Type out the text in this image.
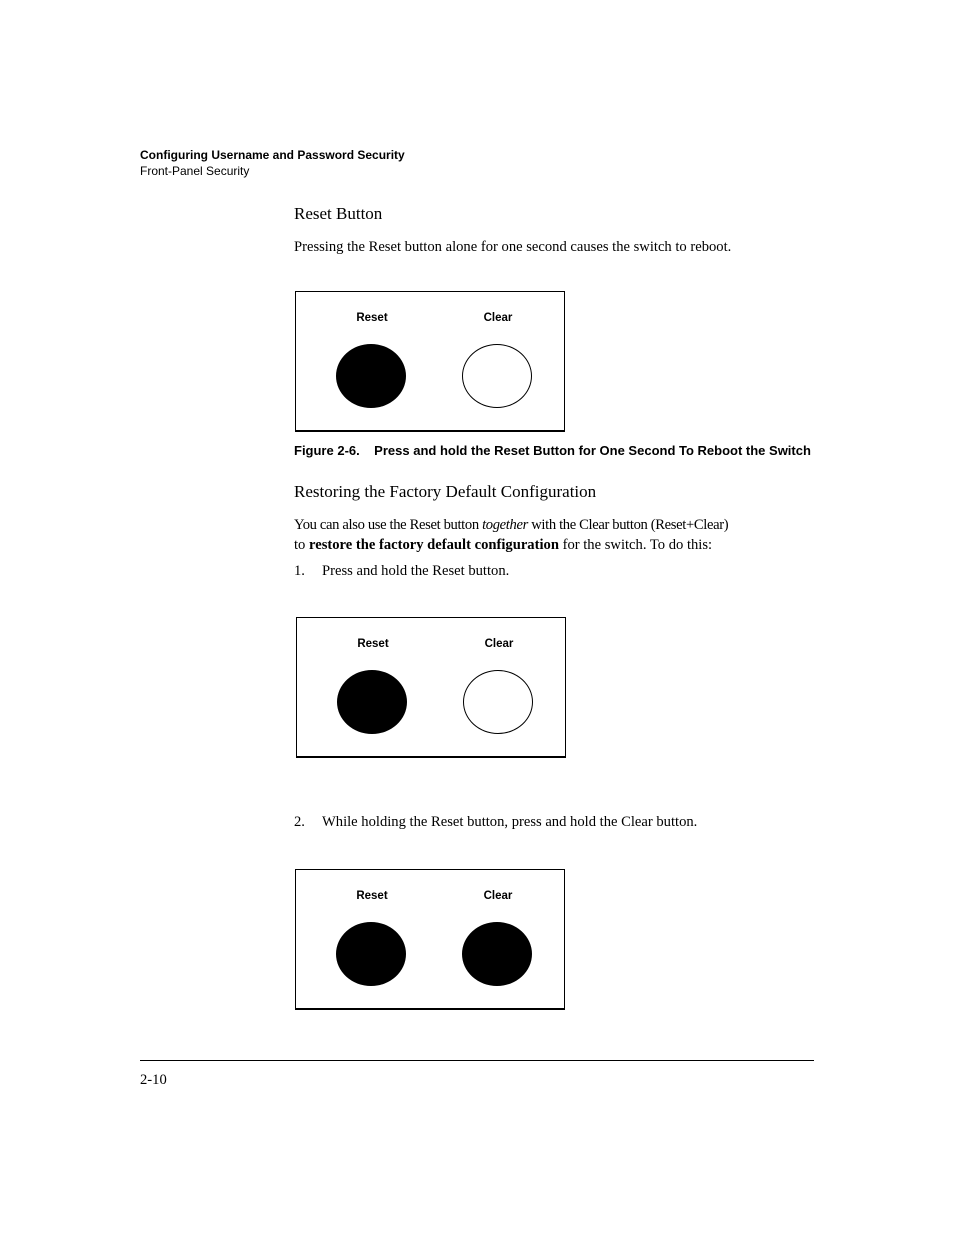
Configuring Username and Password Security
Front-Panel Security
Reset Button
Pressing the Reset button alone for one second causes the switch to reboot.
Reset	Clear
Figure 2-6.    Press and hold the Reset Button for One Second To Reboot the Switch
Restoring the Factory Default Configuration
You can also use the Reset button together with the Clear button (Reset+Clear)
to restore the factory default configuration for the switch. To do this:
1. Press and hold the Reset button.
Reset	Clear
2. While holding the Reset button, press and hold the Clear button.
Reset	Clear
2-10
